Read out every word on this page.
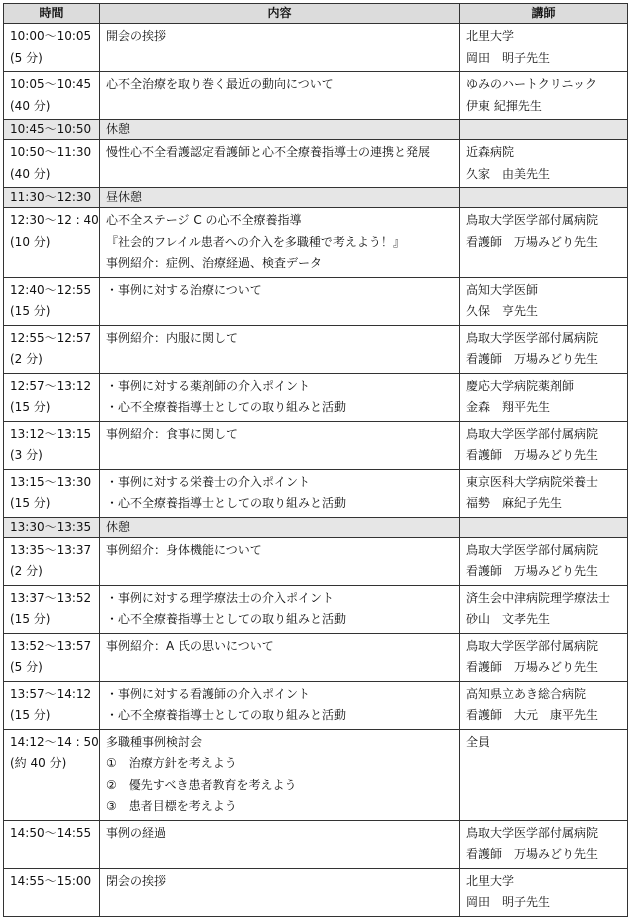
時間	内容	講師

10:00～10:05
(5 分)	開会の挨拶	北里大学
岡田　明子先生

10:05～10:45
(40 分)	心不全治療を取り巻く最近の動向について	ゆみのハートクリニック
伊東 紀揮先生

10:45～10:50	休憩	

10:50～11:30
(40 分)	慢性心不全看護認定看護師と心不全療養指導士の連携と発展	近森病院
久家　由美先生

11:30～12:30	昼休憩	

12:30～12 : 40
(10 分)	心不全ステージ C の心不全療養指導
『社会的フレイル患者への介入を多職種で考えよう！』
事例紹介：症例、治療経過、検査データ	鳥取大学医学部付属病院
看護師　万場みどり先生

12:40～12:55
(15 分)	・事例に対する治療について	高知大学医師
久保　亨先生

12:55～12:57
(2 分)	事例紹介：内服に関して	鳥取大学医学部付属病院
看護師　万場みどり先生

12:57～13:12
(15 分)	・事例に対する薬剤師の介入ポイント
・心不全療養指導士としての取り組みと活動	慶応大学病院薬剤師
金森　翔平先生

13:12～13:15
(3 分)	事例紹介：食事に関して	鳥取大学医学部付属病院
看護師　万場みどり先生

13:15～13:30
(15 分)	・事例に対する栄養士の介入ポイント
・心不全療養指導士としての取り組みと活動	東京医科大学病院栄養士
福勢　麻紀子先生

13:30～13:35	休憩	

13:35～13:37
(2 分)	事例紹介：身体機能について	鳥取大学医学部付属病院
看護師　万場みどり先生

13:37～13:52
(15 分)	・事例に対する理学療法士の介入ポイント
・心不全療養指導士としての取り組みと活動	済生会中津病院理学療法士
砂山　文孝先生

13:52～13:57
(5 分)	事例紹介：A 氏の思いについて	鳥取大学医学部付属病院
看護師　万場みどり先生

13:57～14:12
(15 分)	・事例に対する看護師の介入ポイント
・心不全療養指導士としての取り組みと活動	高知県立あき総合病院
看護師　大元　康平先生

14:12～14 : 50
(約 40 分)	多職種事例検討会
①　治療方針を考えよう
②　優先すべき患者教育を考えよう
③　患者目標を考えよう	全員

14:50～14:55	事例の経過	鳥取大学医学部付属病院
看護師　万場みどり先生

14:55～15:00	閉会の挨拶	北里大学
岡田　明子先生
